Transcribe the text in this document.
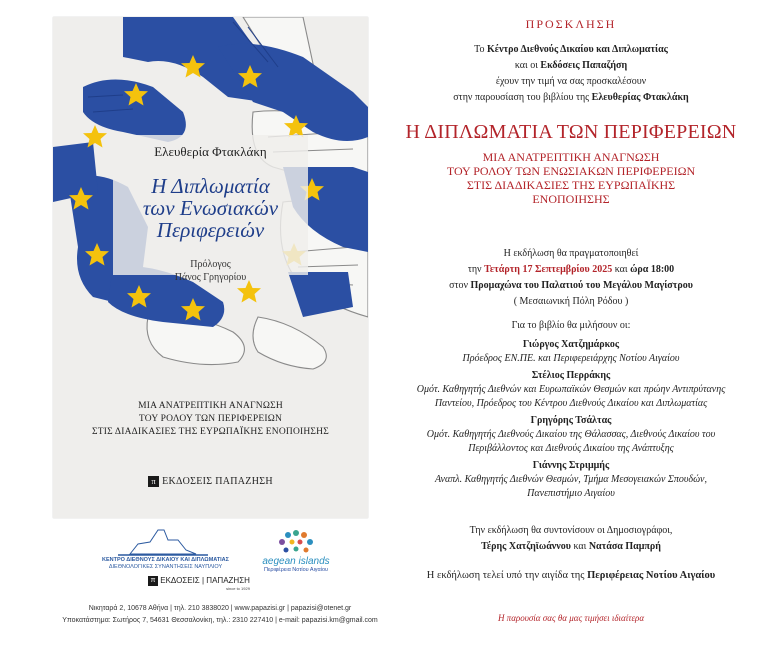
Ελευθερία Φτακλάκη
Η Διπλωματία
των Ενωσιακών
Περιφερειών
Πρόλογος
Πάνος Γρηγορίου
ΜΙΑ ΑΝΑΤΡΕΠΤΙΚΗ ΑΝΑΓΝΩΣΗ
ΤΟΥ ΡΟΛΟΥ ΤΩΝ ΠΕΡΙΦΕΡΕΙΩΝ
ΣΤΙΣ ΔΙΑΔΙΚΑΣΙΕΣ ΤΗΣ ΕΥΡΩΠΑΪΚΗΣ ΕΝΟΠΟΙΗΣΗΣ
π ΕΚΔΟΣΕΙΣ ΠΑΠΑΖΗΣΗ
ΚΕΝΤΡΟ ΔΙΕΘΝΟΥΣ ΔΙΚΑΙΟΥ ΚΑΙ ΔΙΠΛΩΜΑΤΙΑΣ
ΔΙΕΘΝΟΛΟΓΙΚΕΣ ΣΥΝΑΝΤΗΣΕΙΣ ΝΑΥΠΛΙΟΥ	aegean islands
Περιφέρεια Νοτίου Αιγαίου
π ΕΚΔΟΣΕΙΣ | ΠΑΠΑΖΗΣΗ
since to 1929
Νικηταρά 2, 10678 Αθήνα | τηλ. 210 3838020 | www.papazisi.gr | papazisi@otenet.gr
Υποκατάστημα: Σωτήρος 7, 54631 Θεσσαλονίκη, τηλ.: 2310 227410 | e-mail: papazisi.km@gmail.com
ΠΡΟΣΚΛΗΣΗ
Το Κέντρο Διεθνούς Δικαίου και Διπλωματίας
και οι Εκδόσεις Παπαζήση
έχουν την τιμή να σας προσκαλέσουν
στην παρουσίαση του βιβλίου της Ελευθερίας Φτακλάκη
Η ΔΙΠΛΩΜΑΤΙΑ ΤΩΝ ΠΕΡΙΦΕΡΕΙΩΝ
ΜΙΑ ΑΝΑΤΡΕΠΤΙΚΗ ΑΝΑΓΝΩΣΗ
ΤΟΥ ΡΟΛΟΥ ΤΩΝ ΕΝΩΣΙΑΚΩΝ ΠΕΡΙΦΕΡΕΙΩΝ
ΣΤΙΣ ΔΙΑΔΙΚΑΣΙΕΣ ΤΗΣ ΕΥΡΩΠΑΪΚΗΣ
ΕΝΟΠΟΙΗΣΗΣ
Η εκδήλωση θα πραγματοποιηθεί
την Τετάρτη 17 Σεπτεμβρίου 2025 και ώρα 18:00
στον Προμαχώνα του Παλατιού του Μεγάλου Μαγίστρου
( Μεσαιωνική Πόλη Ρόδου )
Για το βιβλίο θα μιλήσουν οι:
Γιώργος Χατζημάρκος
Πρόεδρος ΕΝ.ΠΕ. και Περιφερειάρχης Νοτίου Αιγαίου
Στέλιος Περράκης
Ομότ. Καθηγητής Διεθνών και Ευρωπαϊκών Θεσμών και πρώην Αντιπρύτανης
Παντείου, Πρόεδρος του Κέντρου Διεθνούς Δικαίου και Διπλωματίας
Γρηγόρης Τσάλτας
Ομότ. Καθηγητής Διεθνούς Δικαίου της Θάλασσας, Διεθνούς Δικαίου του
Περιβάλλοντος και Διεθνούς Δικαίου της Ανάπτυξης
Γιάννης Στριμμής
Αναπλ. Καθηγητής Διεθνών Θεσμών, Τμήμα Μεσογειακών Σπουδών,
Πανεπιστήμιο Αιγαίου
Την εκδήλωση θα συντονίσουν οι Δημοσιογράφοι,
Τέρης Χατζηϊωάννου και Νατάσα Παμπρή
Η εκδήλωση τελεί υπό την αιγίδα της Περιφέρειας Νοτίου Αιγαίου
Η παρουσία σας θα μας τιμήσει ιδιαίτερα
